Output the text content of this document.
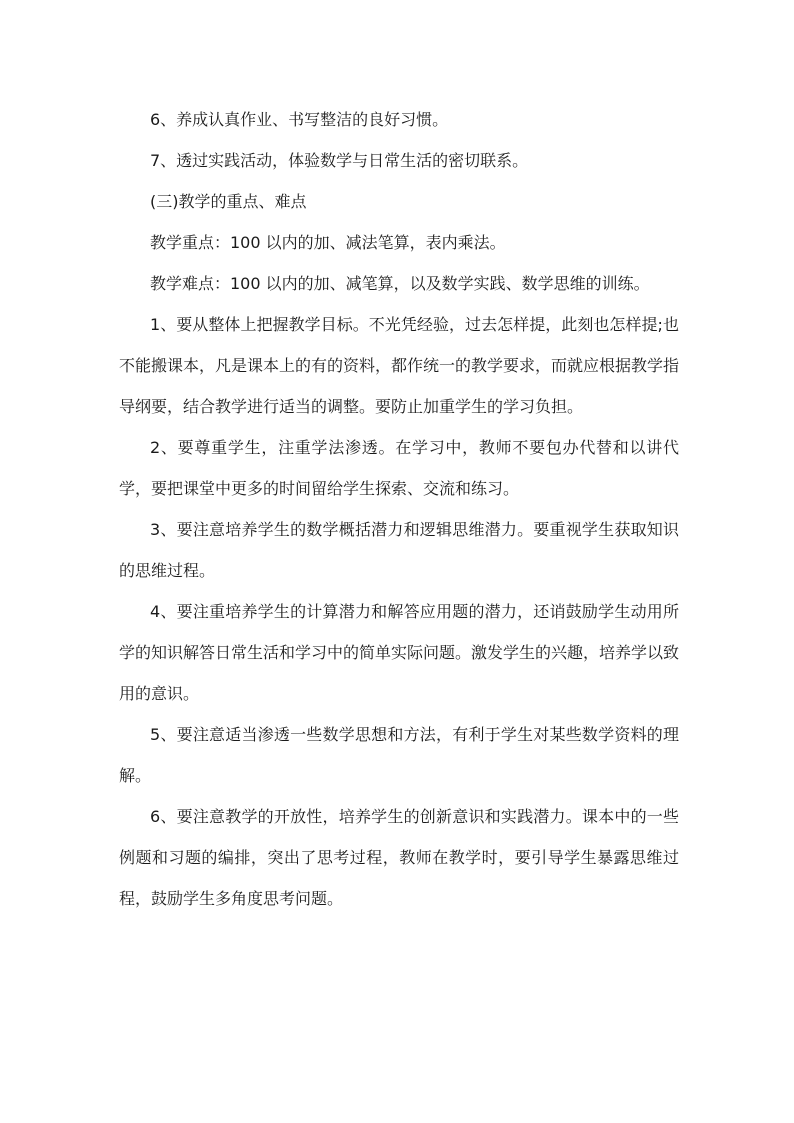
6、养成认真作业、书写整洁的良好习惯。

7、透过实践活动，体验数学与日常生活的密切联系。

(三)教学的重点、难点

教学重点：100 以内的加、减法笔算，表内乘法。

教学难点：100 以内的加、减笔算，以及数学实践、数学思维的训练。

1、要从整体上把握教学目标。不光凭经验，过去怎样提，此刻也怎样提;也不能搬课本，凡是课本上的有的资料，都作统一的教学要求，而就应根据教学指导纲要，结合教学进行适当的调整。要防止加重学生的学习负担。

2、要尊重学生，注重学法渗透。在学习中，教师不要包办代替和以讲代学，要把课堂中更多的时间留给学生探索、交流和练习。

3、要注意培养学生的数学概括潜力和逻辑思维潜力。要重视学生获取知识的思维过程。

4、要注重培养学生的计算潜力和解答应用题的潜力，还诮鼓励学生动用所学的知识解答日常生活和学习中的简单实际问题。激发学生的兴趣，培养学以致用的意识。

5、要注意适当渗透一些数学思想和方法，有利于学生对某些数学资料的理解。

6、要注意教学的开放性，培养学生的创新意识和实践潜力。课本中的一些例题和习题的编排，突出了思考过程，教师在教学时，要引导学生暴露思维过程，鼓励学生多角度思考问题。
